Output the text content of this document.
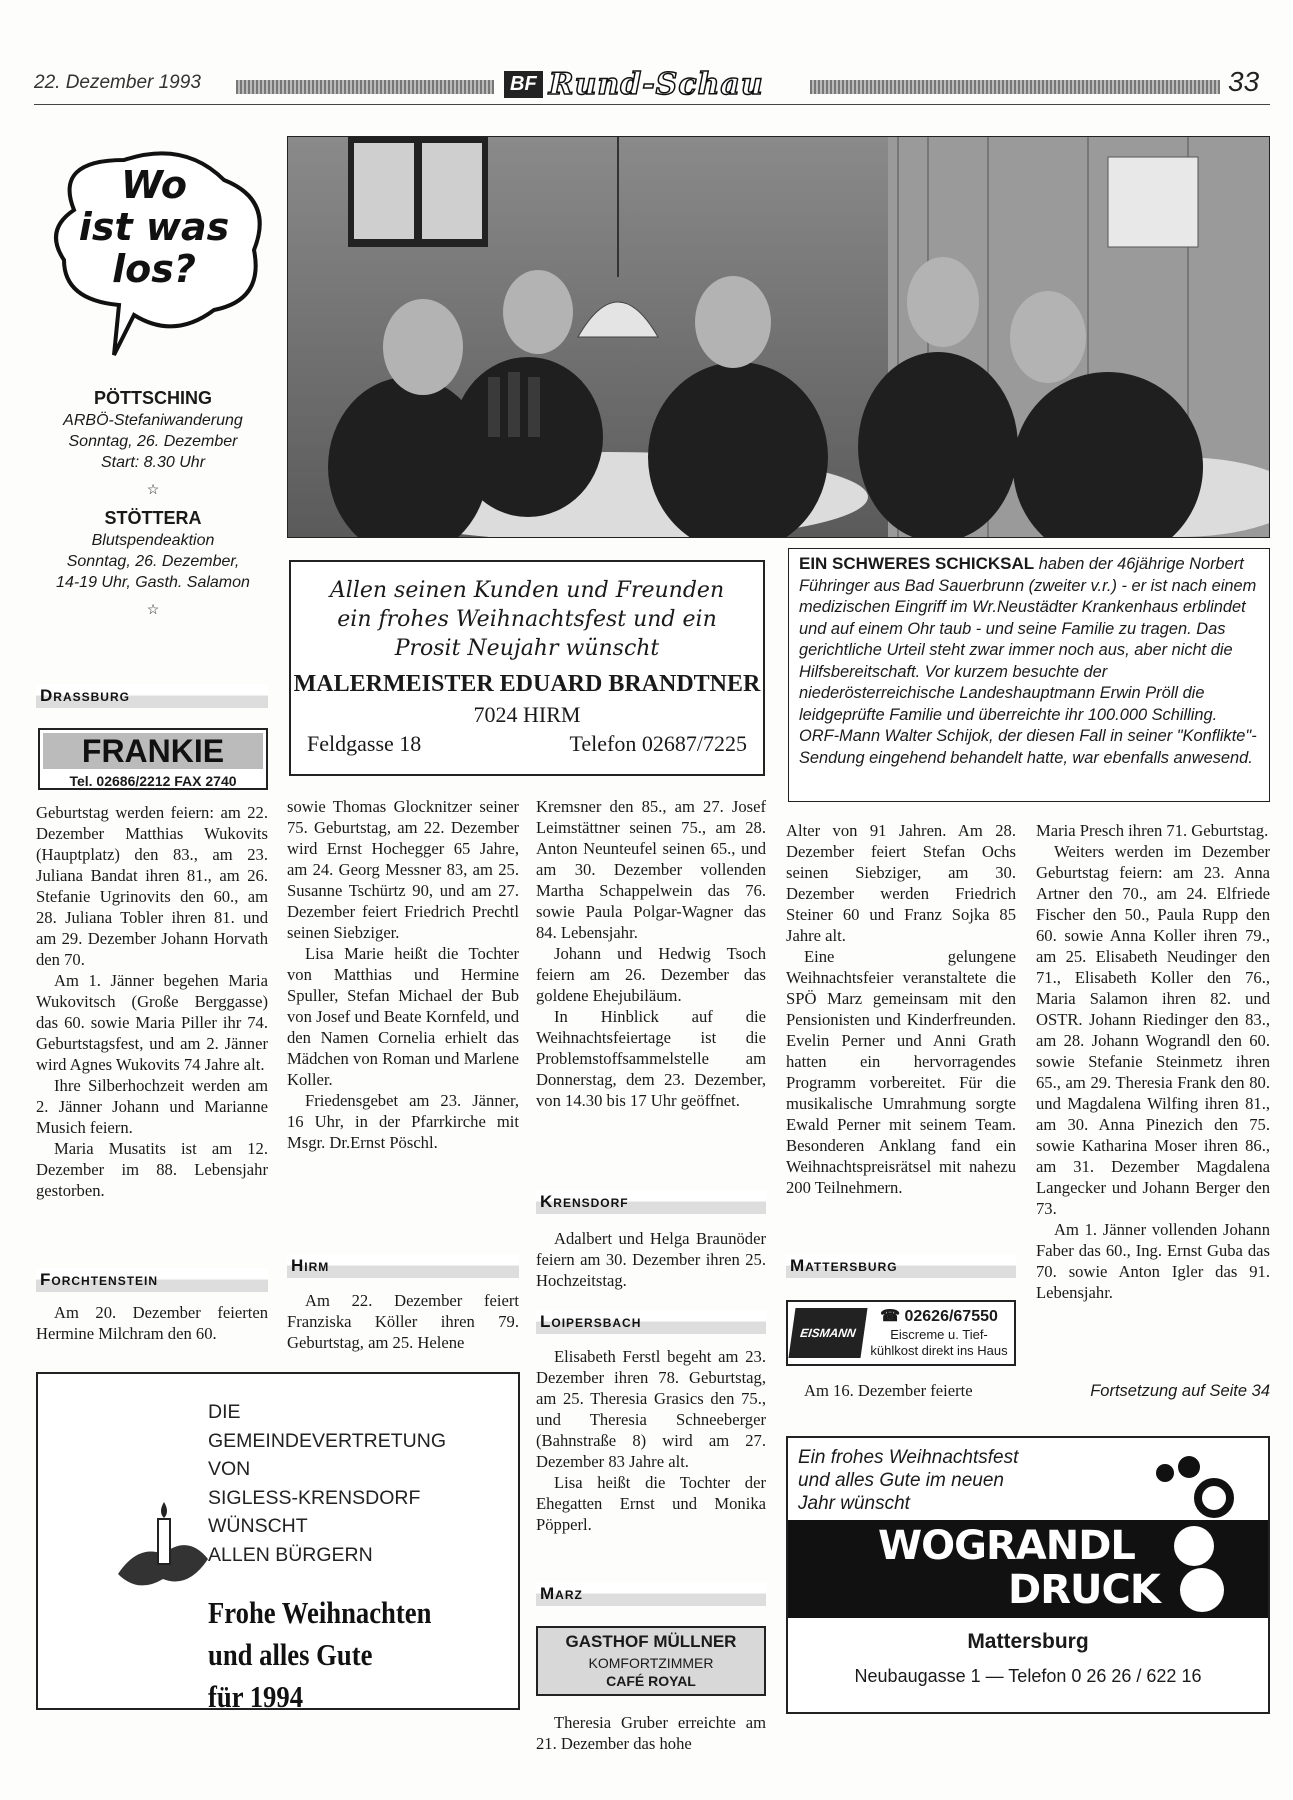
22. Dezember 1993	BF Rund-Schau	33
Wo
ist was
los?
PÖTTSCHING
ARBÖ-Stefaniwanderung
Sonntag, 26. Dezember
Start: 8.30 Uhr
☆
STÖTTERA
Blutspendeaktion
Sonntag, 26. Dezember,
14-19 Uhr, Gasth. Salamon
☆
Drassburg
FRANKIE
Tel. 02686/2212 FAX 2740

Geburtstag werden feiern: am 22. Dezember Matthias Wukovits (Hauptplatz) den 83., am 23. Juliana Bandat ihren 81., am 26. Stefanie Ugrinovits den 60., am 28. Juliana Tobler ihren 81. und am 29. Dezember Johann Horvath den 70.

Am 1. Jänner begehen Maria Wukovitsch (Große Berggasse) das 60. sowie Maria Piller ihr 74. Geburtstagsfest, und am 2. Jänner wird Agnes Wukovits 74 Jahre alt.

Ihre Silberhochzeit werden am 2. Jänner Johann und Marianne Musich feiern.

Maria Musatits ist am 12. Dezember im 88. Lebensjahr gestorben.

Forchtenstein

Am 20. Dezember feierten Hermine Milchram den 60.

Allen seinen Kunden und Freunden
ein frohes Weihnachtsfest und ein
Prosit Neujahr wünscht
MALERMEISTER EDUARD BRANDTNER
7024 HIRM
Feldgasse 18	Telefon 02687/7225
EIN SCHWERES SCHICKSAL haben der 46jährige Norbert Führinger aus Bad Sauerbrunn (zweiter v.r.) - er ist nach einem medizischen Eingriff im Wr.Neustädter Krankenhaus erblindet und auf einem Ohr taub - und seine Familie zu tragen. Das gerichtliche Urteil steht zwar immer noch aus, aber nicht die Hilfsbereitschaft. Vor kurzem besuchte der niederösterreichische Landeshauptmann Erwin Pröll die leidgeprüfte Familie und überreichte ihr 100.000 Schilling. ORF-Mann Walter Schijok, der diesen Fall in seiner "Konflikte"-Sendung eingehend behandelt hatte, war ebenfalls anwesend.

sowie Thomas Glocknitzer seiner 75. Geburtstag, am 22. Dezember wird Ernst Hochegger 65 Jahre, am 24. Georg Messner 83, am 25. Susanne Tschürtz 90, und am 27. Dezember feiert Friedrich Prechtl seinen Siebziger.

Lisa Marie heißt die Tochter von Matthias und Hermine Spuller, Stefan Michael der Bub von Josef und Beate Kornfeld, und den Namen Cornelia erhielt das Mädchen von Roman und Marlene Koller.

Friedensgebet am 23. Jänner, 16 Uhr, in der Pfarrkirche mit Msgr. Dr.Ernst Pöschl.

Hirm

Am 22. Dezember feiert Franziska Köller ihren 79. Geburtstag, am 25. Helene

Kremsner den 85., am 27. Josef Leimstättner seinen 75., am 28. Anton Neunteufel seinen 65., und am 30. Dezember vollenden Martha Schappelwein das 76. sowie Paula Polgar-Wagner das 84. Lebensjahr.

Johann und Hedwig Tsoch feiern am 26. Dezember das goldene Ehejubiläum.

In Hinblick auf die Weihnachtsfeiertage ist die Problemstoffsammelstelle am Donnerstag, dem 23. Dezember, von 14.30 bis 17 Uhr geöffnet.

Krensdorf

Adalbert und Helga Braunöder feiern am 30. Dezember ihren 25. Hochzeitstag.

Loipersbach

Elisabeth Ferstl begeht am 23. Dezember ihren 78. Geburtstag, am 25. Theresia Grasics den 75., und Theresia Schneeberger (Bahnstraße 8) wird am 27. Dezember 83 Jahre alt.

Lisa heißt die Tochter der Ehegatten Ernst und Monika Pöpperl.

Marz
GASTHOF MÜLLNER
KOMFORTZIMMER
CAFÉ ROYAL

Theresia Gruber erreichte am 21. Dezember das hohe

Alter von 91 Jahren. Am 28. Dezember feiert Stefan Ochs seinen Siebziger, am 30. Dezember werden Friedrich Steiner 60 und Franz Sojka 85 Jahre alt.

Eine gelungene Weihnachtsfeier veranstaltete die SPÖ Marz gemeinsam mit den Pensionisten und Kinderfreunden. Evelin Perner und Anni Grath hatten ein hervorragendes Programm vorbereitet. Für die musikalische Umrahmung sorgte Ewald Perner mit seinem Team. Besonderen Anklang fand ein Weihnachtspreisrätsel mit nahezu 200 Teilnehmern.

Mattersburg
EISMANN
☎ 02626/67550
Eiscreme u. Tief-
kühlkost direkt ins Haus

Am 16. Dezember feierte

Maria Presch ihren 71. Geburtstag.

Weiters werden im Dezember Geburtstag feiern: am 23. Anna Artner den 70., am 24. Elfriede Fischer den 50., Paula Rupp den 60. sowie Anna Koller ihren 79., am 25. Elisabeth Neudinger den 71., Elisabeth Koller den 76., Maria Salamon ihren 82. und OSTR. Johann Riedinger den 83., am 28. Johann Wograndl den 60. sowie Stefanie Steinmetz ihren 65., am 29. Theresia Frank den 80. und Magdalena Wilfing ihren 81., am 30. Anna Pinezich den 75. sowie Katharina Moser ihren 86., am 31. Dezember Magdalena Langecker und Johann Berger den 73.

Am 1. Jänner vollenden Johann Faber das 60., Ing. Ernst Guba das 70. sowie Anton Igler das 91. Lebensjahr.

Fortsetzung auf Seite 34
DIE
GEMEINDEVERTRETUNG
VON
SIGLESS-KRENSDORF
WÜNSCHT
ALLEN BÜRGERN
Frohe Weihnachten
und alles Gute
für 1994
Ein frohes Weihnachtsfest
und alles Gute im neuen
Jahr wünscht
WOGRANDL
DRUCK
Mattersburg
Neubaugasse 1 — Telefon 0 26 26 / 622 16
